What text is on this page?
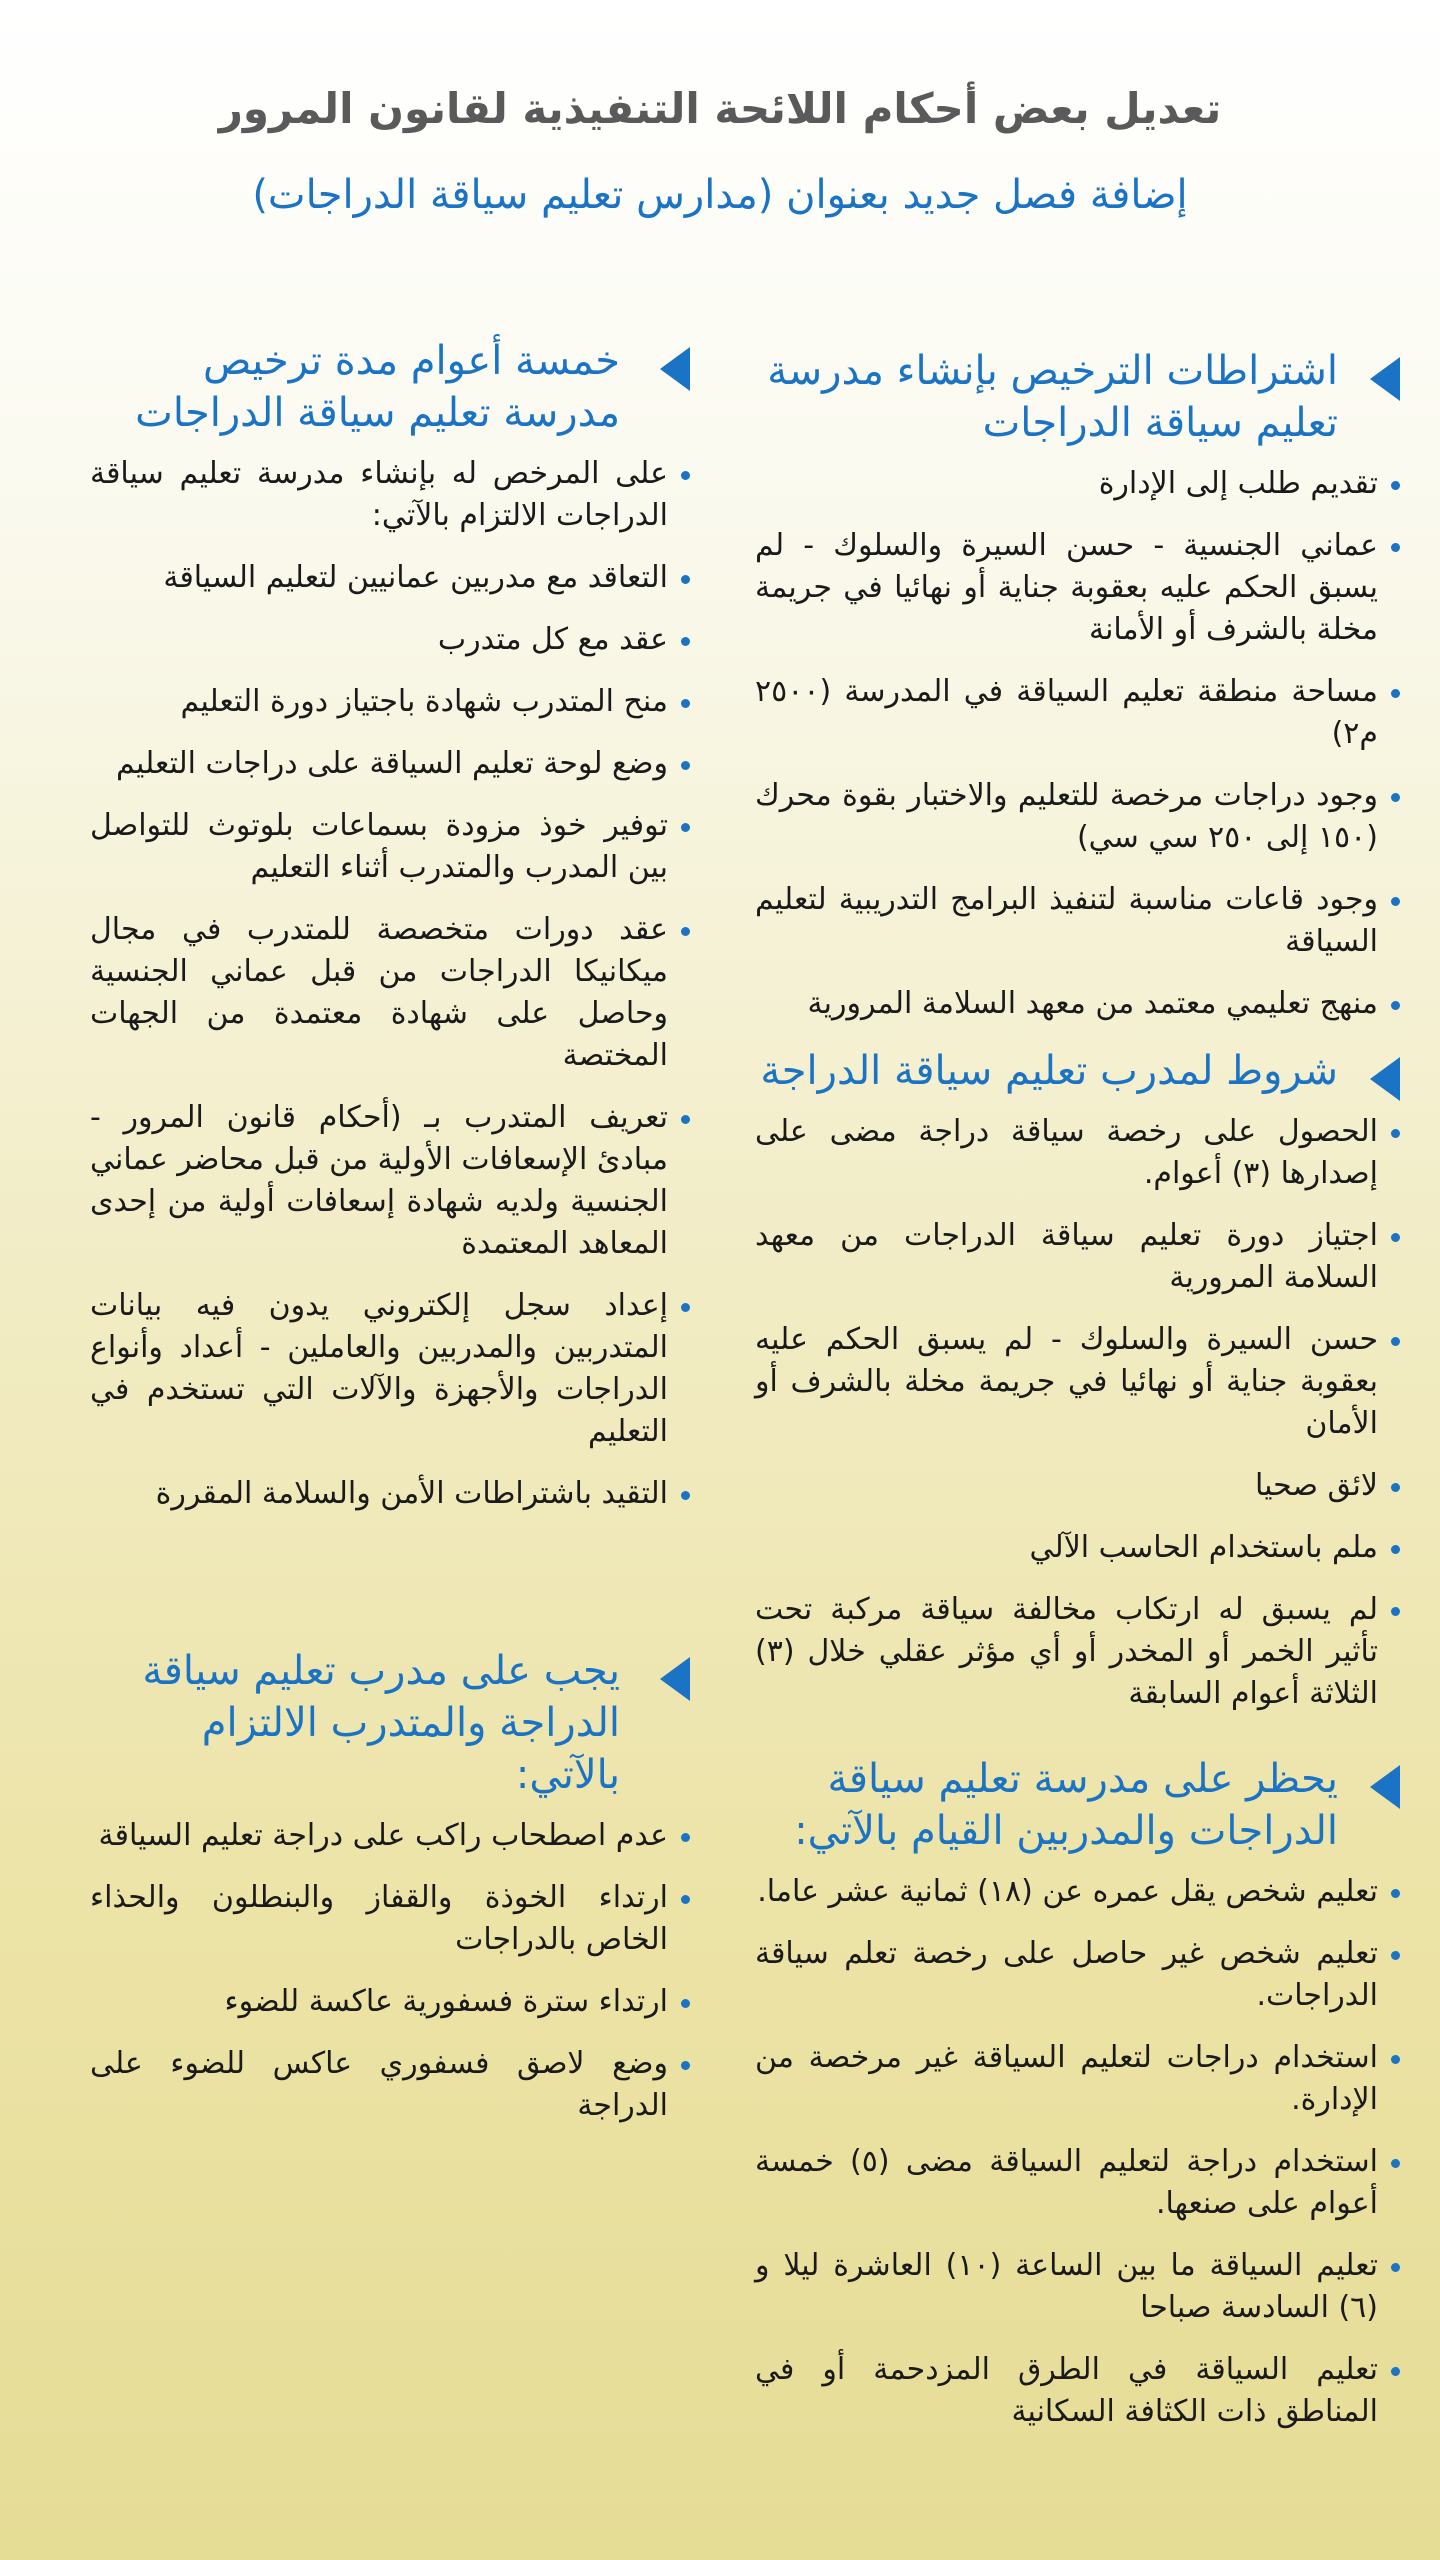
تعديل بعض أحكام اللائحة التنفيذية لقانون المرور
إضافة فصل جديد بعنوان (مدارس تعليم سياقة الدراجات)
اشتراطات الترخيص بإنشاء مدرسة تعليم سياقة الدراجات
تقديم طلب إلى الإدارة
عماني الجنسية - حسن السيرة والسلوك - لم يسبق الحكم عليه بعقوبة جناية أو نهائيا في جريمة مخلة بالشرف أو الأمانة
مساحة منطقة تعليم السياقة في المدرسة (٢٥٠٠ م٢)
وجود دراجات مرخصة للتعليم والاختبار بقوة محرك (١٥٠ إلى ٢٥٠ سي سي)
وجود قاعات مناسبة لتنفيذ البرامج التدريبية لتعليم السياقة
منهج تعليمي معتمد من معهد السلامة المرورية
شروط لمدرب تعليم سياقة الدراجة
الحصول على رخصة سياقة دراجة مضى على إصدارها (٣) أعوام.
اجتياز دورة تعليم سياقة الدراجات من معهد السلامة المرورية
حسن السيرة والسلوك - لم يسبق الحكم عليه بعقوبة جناية أو نهائيا في جريمة مخلة بالشرف أو الأمان
لائق صحيا
ملم باستخدام الحاسب الآلي
لم يسبق له ارتكاب مخالفة سياقة مركبة تحت تأثير الخمر أو المخدر أو أي مؤثر عقلي خلال (٣) الثلاثة أعوام السابقة
يحظر على مدرسة تعليم سياقة الدراجات والمدربين القيام بالآتي:
تعليم شخص يقل عمره عن (١٨) ثمانية عشر عاما.
تعليم شخص غير حاصل على رخصة تعلم سياقة الدراجات.
استخدام دراجات لتعليم السياقة غير مرخصة من الإدارة.
استخدام دراجة لتعليم السياقة مضى (٥) خمسة أعوام على صنعها.
تعليم السياقة ما بين الساعة (١٠) العاشرة ليلا و (٦) السادسة صباحا
تعليم السياقة في الطرق المزدحمة أو في المناطق ذات الكثافة السكانية
خمسة أعوام مدة ترخيص مدرسة تعليم سياقة الدراجات
على المرخص له بإنشاء مدرسة تعليم سياقة الدراجات الالتزام بالآتي:
التعاقد مع مدربين عمانيين لتعليم السياقة
عقد مع كل متدرب
منح المتدرب شهادة باجتياز دورة التعليم
وضع لوحة تعليم السياقة على دراجات التعليم
توفير خوذ مزودة بسماعات بلوتوث للتواصل بين المدرب والمتدرب أثناء التعليم
عقد دورات متخصصة للمتدرب في مجال ميكانيكا الدراجات من قبل عماني الجنسية وحاصل على شهادة معتمدة من الجهات المختصة
تعريف المتدرب بـ (أحكام قانون المرور - مبادئ الإسعافات الأولية من قبل محاضر عماني الجنسية ولديه شهادة إسعافات أولية من إحدى المعاهد المعتمدة
إعداد سجل إلكتروني يدون فيه بيانات المتدربين والمدربين والعاملين - أعداد وأنواع الدراجات والأجهزة والآلات التي تستخدم في التعليم
التقيد باشتراطات الأمن والسلامة المقررة
يجب على مدرب تعليم سياقة الدراجة والمتدرب الالتزام بالآتي:
عدم اصطحاب راكب على دراجة تعليم السياقة
ارتداء الخوذة والقفاز والبنطلون والحذاء الخاص بالدراجات
ارتداء سترة فسفورية عاكسة للضوء
وضع لاصق فسفوري عاكس للضوء على الدراجة
